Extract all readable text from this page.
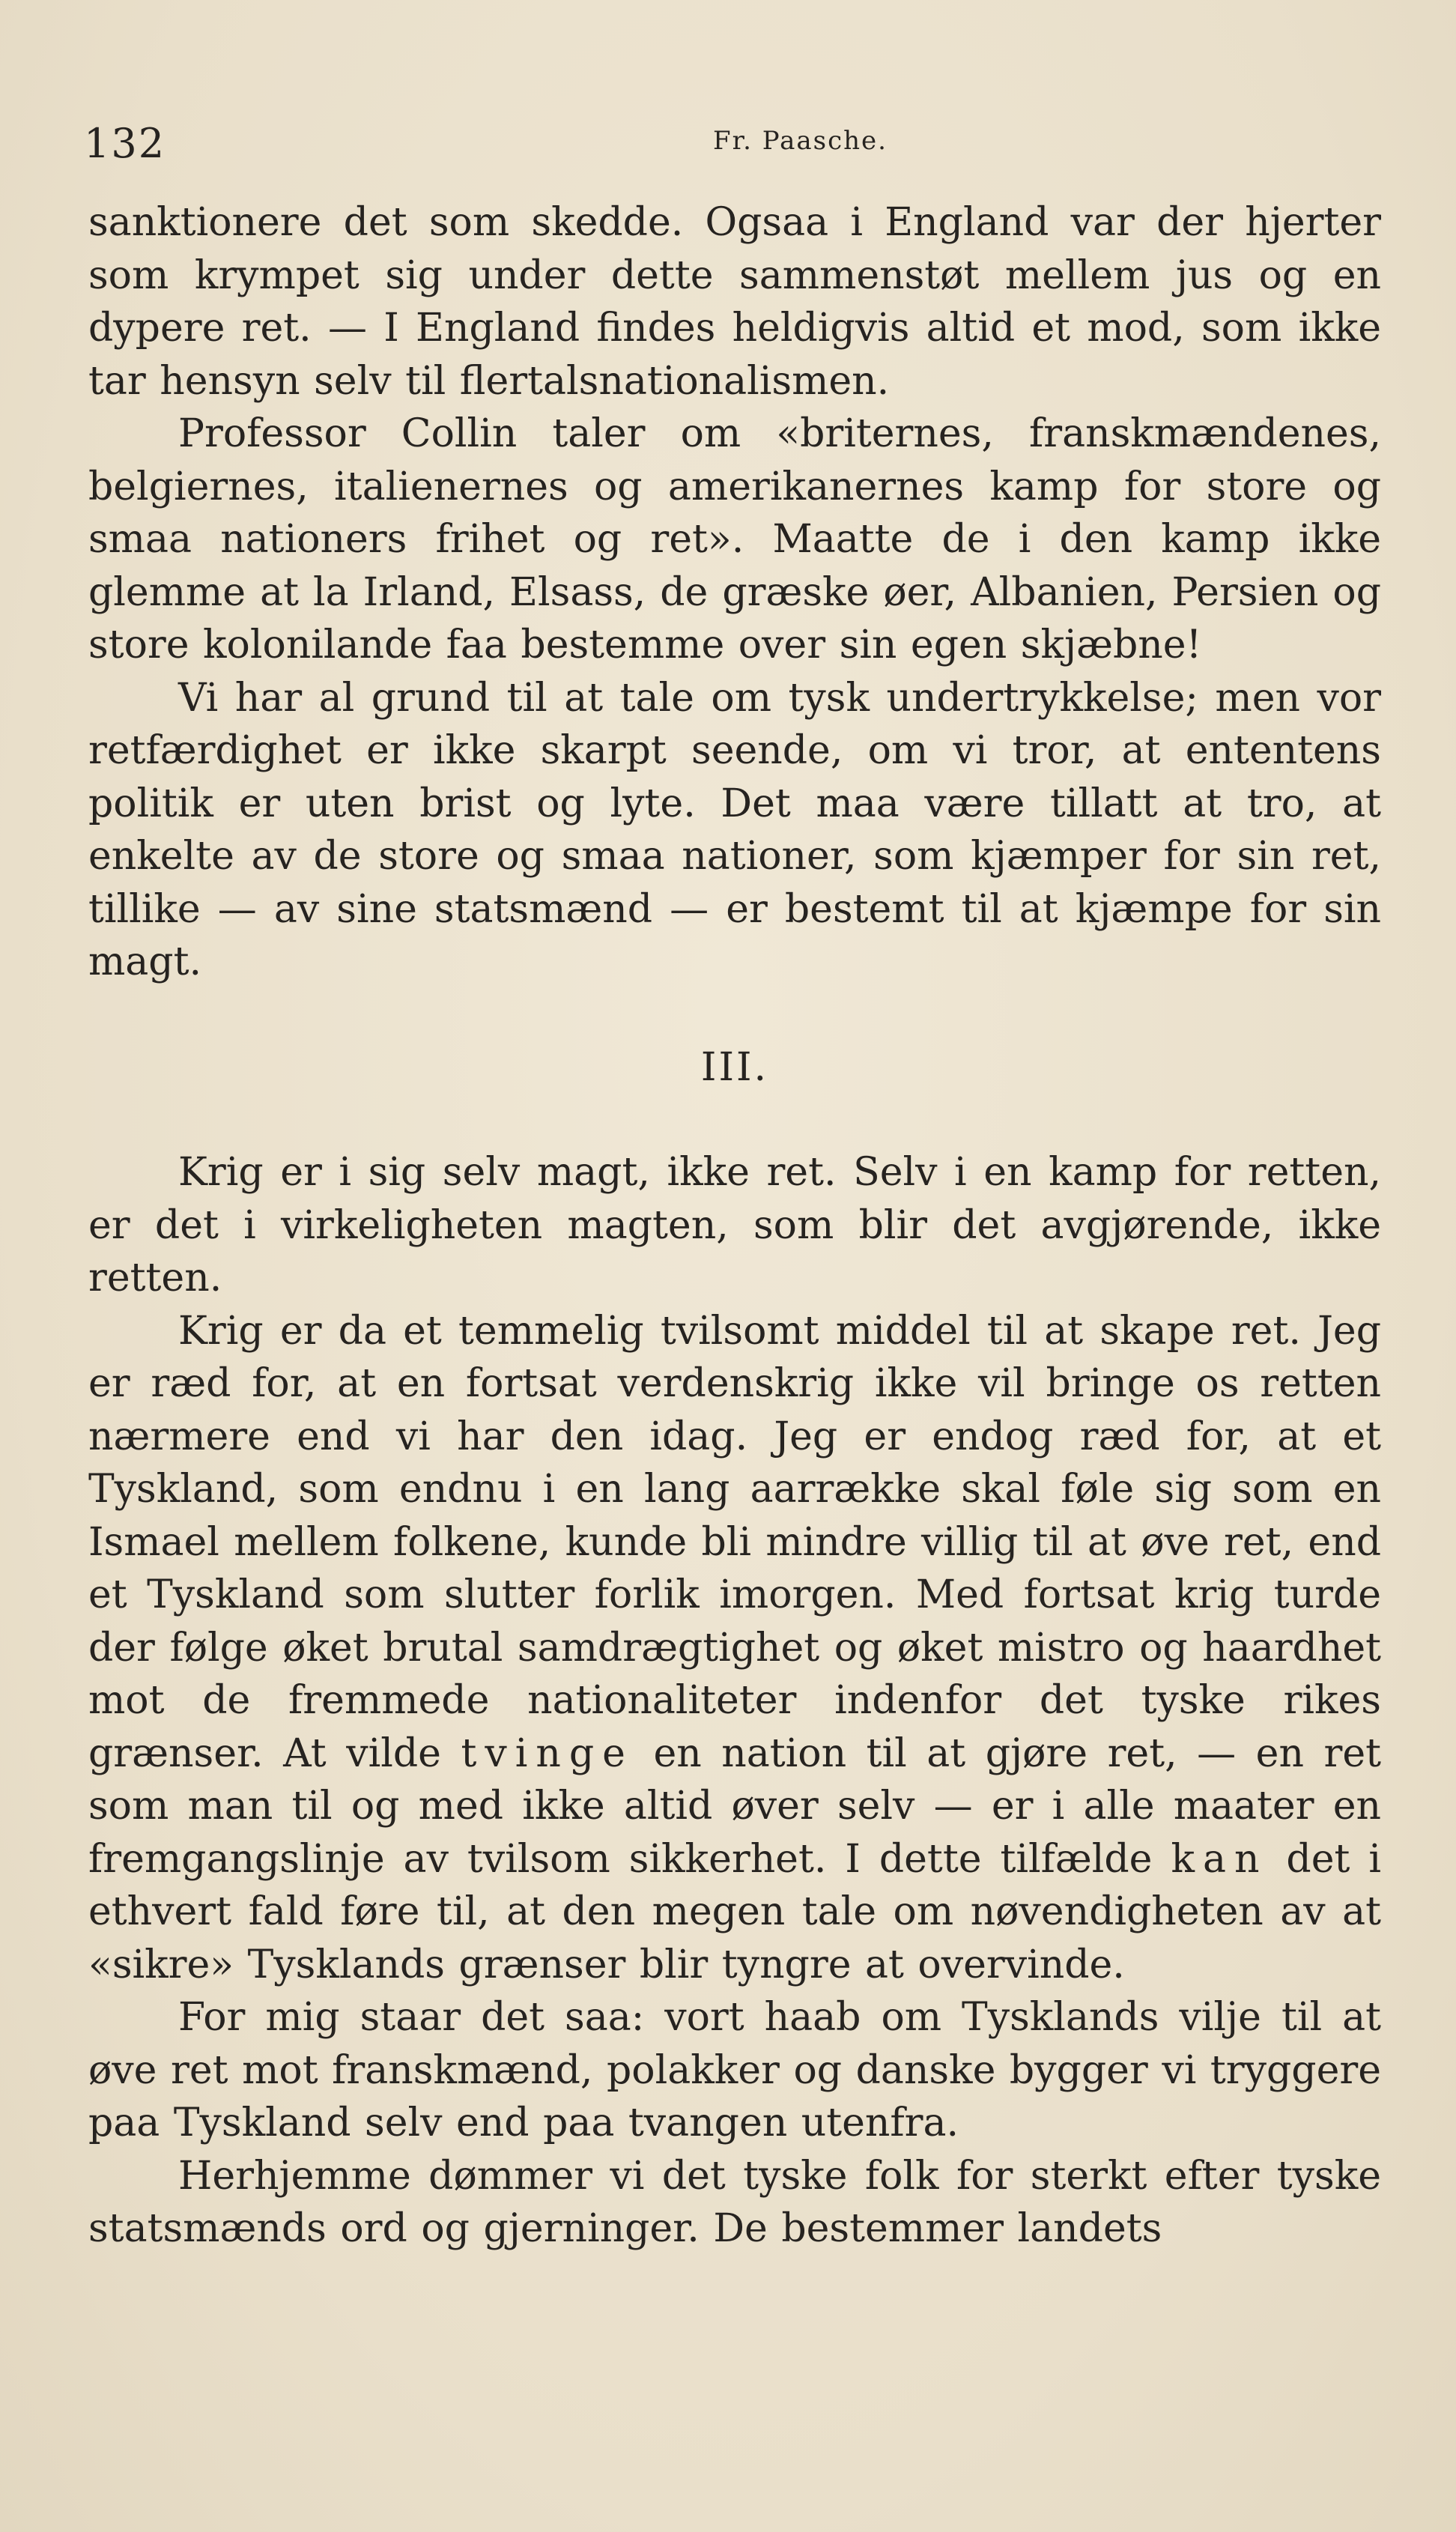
132	Fr. Paasche.

sanktionere det som skedde. Ogsaa i England var der hjerter som krympet sig under dette sammenstøt mellem jus og en dypere ret. — I England findes heldigvis altid et mod, som ikke tar hensyn selv til flertalsnationalismen.

Professor Collin taler om «briternes, franskmændenes, belgiernes, italienernes og amerikanernes kamp for store og smaa nationers frihet og ret». Maatte de i den kamp ikke glemme at la Irland, Elsass, de græske øer, Albanien, Persien og store kolonilande faa bestemme over sin egen skjæbne!

Vi har al grund til at tale om tysk undertrykkelse; men vor retfærdighet er ikke skarpt seende, om vi tror, at ententens politik er uten brist og lyte. Det maa være tillatt at tro, at enkelte av de store og smaa nationer, som kjæmper for sin ret, tillike — av sine statsmænd — er bestemt til at kjæmpe for sin magt.

III.

Krig er i sig selv magt, ikke ret. Selv i en kamp for retten, er det i virkeligheten magten, som blir det avgjørende, ikke retten.

Krig er da et temmelig tvilsomt middel til at skape ret. Jeg er ræd for, at en fortsat verdenskrig ikke vil bringe os retten nærmere end vi har den idag. Jeg er endog ræd for, at et Tyskland, som endnu i en lang aarrække skal føle sig som en Ismael mellem folkene, kunde bli mindre villig til at øve ret, end et Tyskland som slutter forlik imorgen. Med fortsat krig turde der følge øket brutal samdrægtighet og øket mistro og haardhet mot de fremmede nationaliteter indenfor det tyske rikes grænser. At vilde tvinge en nation til at gjøre ret, — en ret som man til og med ikke altid øver selv — er i alle maater en fremgangslinje av tvilsom sikkerhet. I dette tilfælde kan det i ethvert fald føre til, at den megen tale om nøvendigheten av at «sikre» Tysklands grænser blir tyngre at overvinde.

For mig staar det saa: vort haab om Tysklands vilje til at øve ret mot franskmænd, polakker og danske bygger vi tryggere paa Tyskland selv end paa tvangen utenfra.

Herhjemme dømmer vi det tyske folk for sterkt efter tyske statsmænds ord og gjerninger. De bestemmer landets
